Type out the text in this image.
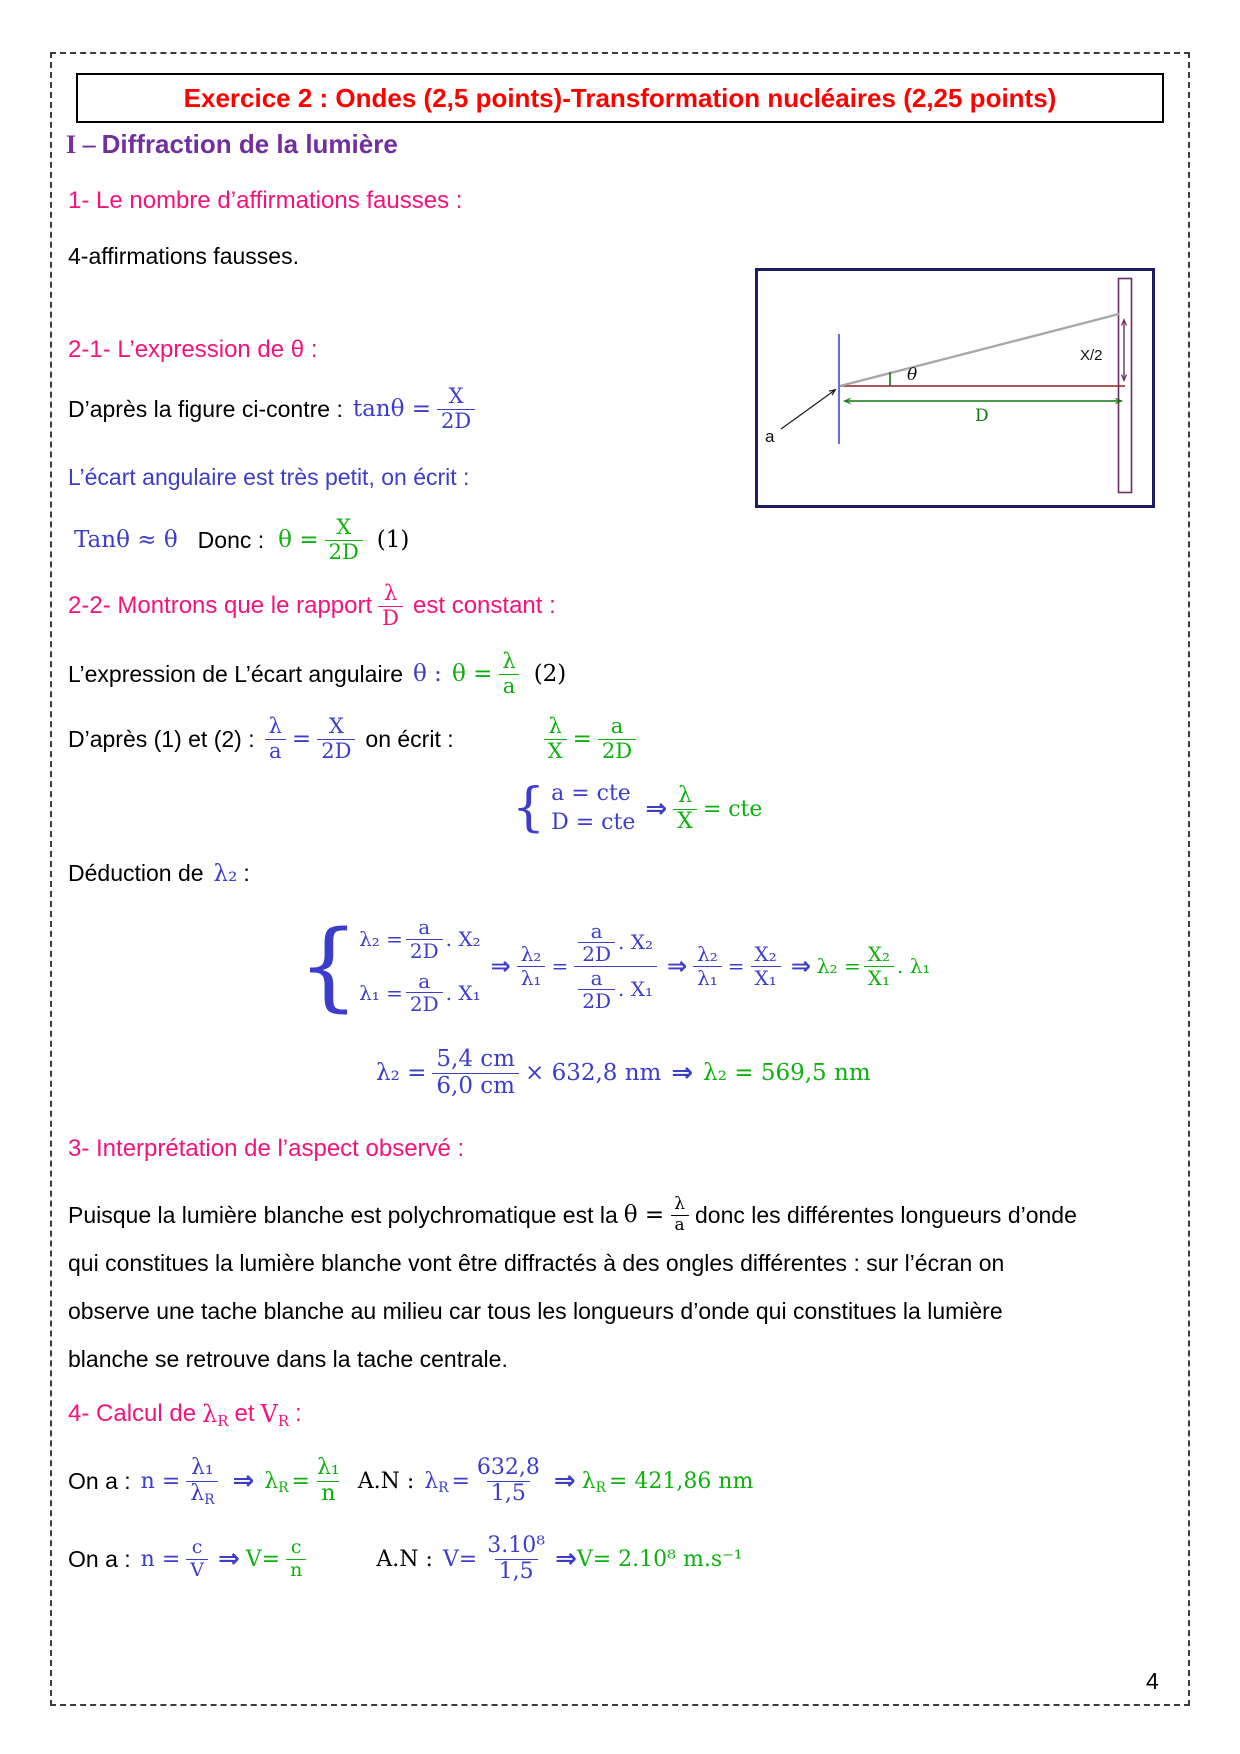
Exercice 2 : Ondes (2,5 points)-Transformation nucléaires (2,25 points)
I – Diffraction de la lumière
1- Le nombre d’affirmations fausses :
4-affirmations fausses.
θ
X/2
D
a
2-1- L’expression de θ :
D’après la figure ci-contre : $\tan\theta = \frac{X}{2D}$
L’écart angulaire est très petit, on écrit :
Tanθ ≈ θ Donc : $\theta = \frac{X}{2D} (1)$
2-2- Montrons que le rapport $\frac{\lambda}{D}$ est constant :
L’expression de L’écart angulaire θ : $\theta = \frac{\lambda}{a} (2)$
D’après (1) et (2) : $\frac{\lambda}{a} = \frac{X}{2D}$ on écrit :	$\frac{\lambda}{X} = \frac{a}{2D}$
{ a = cte
D = cte ⇒ $\frac{\lambda}{X}$ = cte
Déduction de λ₂ :
{ $\lambda_2 = \frac{a}{2D}$ . X₂
$\lambda_1 = \frac{a}{2D}$ . X₁
⇒ $\frac{\text{λ₂}}{\text{λ₁}} = \frac{\frac{a}{2D} . X_2}{\frac{a}{2D} . X_1}$ ⇒ $\frac{\text{λ₂}}{\text{λ₁}} = \frac{\text{X₂}}{\text{X₁}}$ ⇒ $\lambda_2 = \frac{\text{X₂}}{\text{X₁}}$ . λ₁
$\lambda_2 = \frac{5,4 cm}{6,0 cm} \times 632,8$ nm ⇒ λ₂ = 569,5 nm
3- Interprétation de l’aspect observé :
Puisque la lumière blanche est polychromatique est la $\theta = \frac{\lambda}{a}$ donc les différentes longueurs d’onde
qui constitues la lumière blanche vont être diffractés à des ongles différentes : sur l’écran on
observe une tache blanche au milieu car tous les longueurs d’onde qui constitues la lumière
blanche se retrouve dans la tache centrale.
4- Calcul de $\lambda_R$ et $V_R$ :
On a : $n = \frac{\text{λ₁}}{\lambda_R}$ ⇒ $\lambda_R = \frac{\text{λ₁}}{n} A.N$ : $\lambda_R = \frac{632,8}{1,5}$ ⇒ $\lambda_R = 421,86$ nm
On a : $n = \frac{c}{V}$ ⇒ $V= \frac{c}{n}$	A.N : $V= \frac{\text{3.10⁸}}{1,5}$ ⇒ V= 2.10⁸ m.s⁻¹
4
